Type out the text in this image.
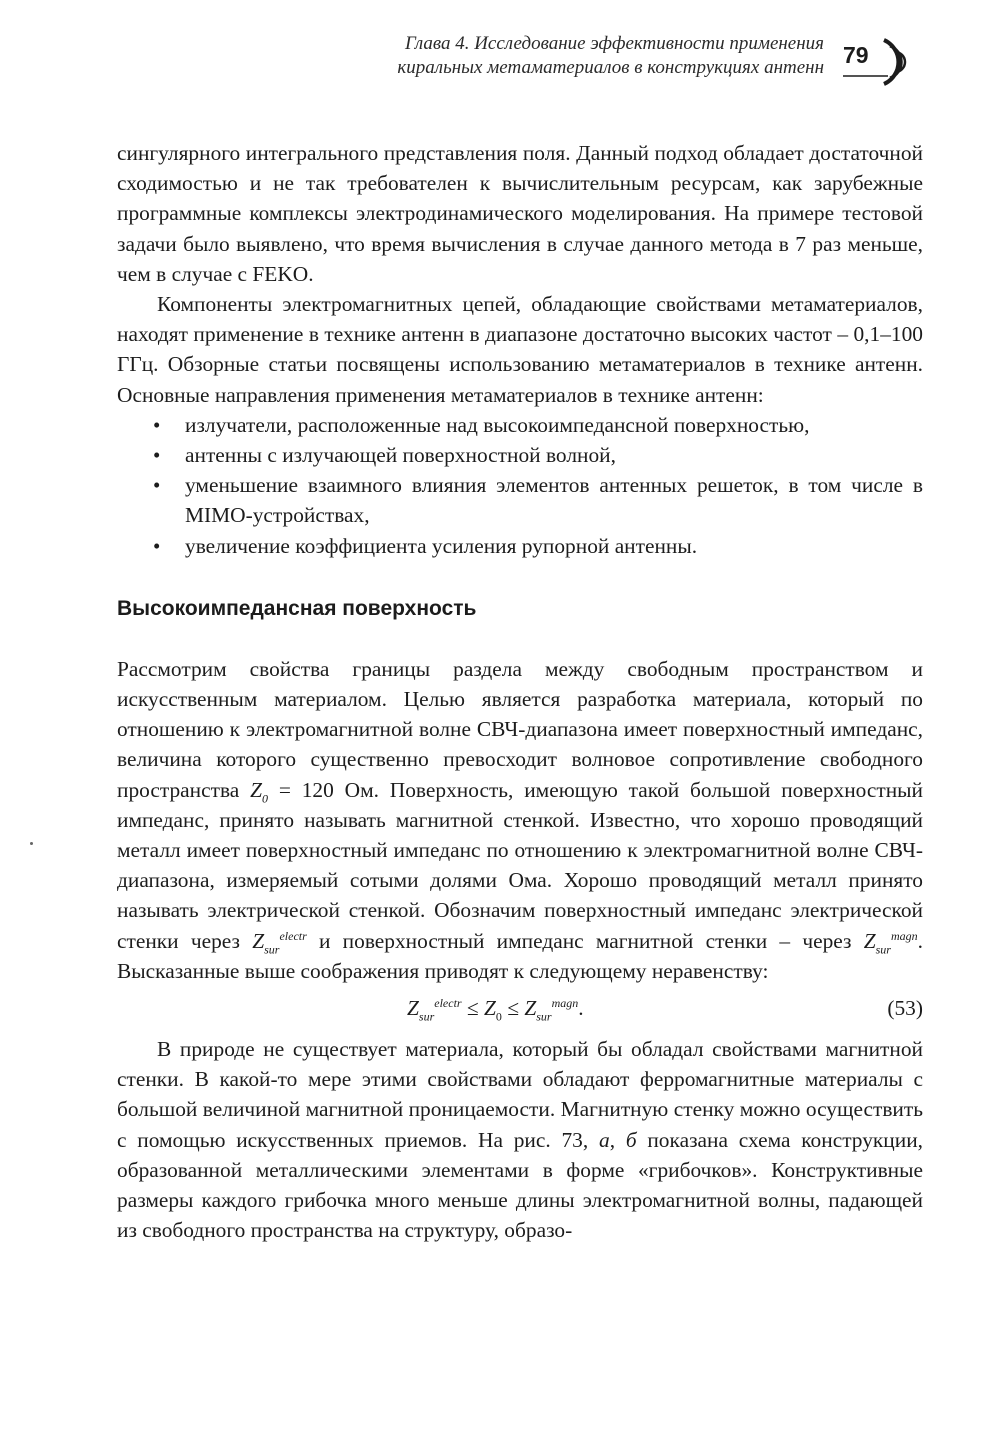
Глава 4. Исследование эффективности применения
киральных метаматериалов в конструкциях антенн 79

сингулярного интегрального представления поля. Данный подход обладает достаточной сходимостью и не так требователен к вычислительным ресурсам, как зарубежные программные комплексы электродинамического моделирования. На примере тестовой задачи было выявлено, что время вычисления в случае данного метода в 7 раз меньше, чем в случае с FEKO.

Компоненты электромагнитных цепей, обладающие свойствами метаматериалов, находят применение в технике антенн в диапазоне достаточно высоких частот – 0,1–100 ГГц. Обзорные статьи посвящены использованию метаматериалов в технике антенн. Основные направления применения метаматериалов в технике антенн:

• излучатели, расположенные над высокоимпедансной поверхностью,
• антенны с излучающей поверхностной волной,
• уменьшение взаимного влияния элементов антенных решеток, в том числе в MIMO-устройствах,
• увеличение коэффициента усиления рупорной антенны.
Высокоимпедансная поверхность

Рассмотрим свойства границы раздела между свободным пространством и искусственным материалом. Целью является разработка материала, который по отношению к электромагнитной волне СВЧ-диапазона имеет поверхностный импеданс, величина которого существенно превосходит волновое сопротивление свободного пространства $Z_0 = 120$ Ом. Поверхность, имеющую такой большой поверхностный импеданс, принято называть магнитной стенкой. Известно, что хорошо проводящий металл имеет поверхностный импеданс по отношению к электромагнитной волне СВЧ-диапазона, измеряемый сотыми долями Ома. Хорошо проводящий металл принято называть электрической стенкой. Обозначим поверхностный импеданс электрической стенки через $Z_{sur}^{electr}$ и поверхностный импеданс магнитной стенки – через $Z_{sur}^{magn}$. Высказанные выше соображения приводят к следующему неравенству:

$Z_{sur}^{electr} \le Z_0 \le Z_{sur}^{magn}$.	(53)

В природе не существует материала, который бы обладал свойствами магнитной стенки. В какой-то мере этими свойствами обладают ферромагнитные материалы с большой величиной магнитной проницаемости. Магнитную стенку можно осуществить с помощью искусственных приемов. На рис. 73, а, б показана схема конструкции, образованной металлическими элементами в форме «грибочков». Конструктивные размеры каждого грибочка много меньше длины электромагнитной волны, падающей из свободного пространства на структуру, образо-
